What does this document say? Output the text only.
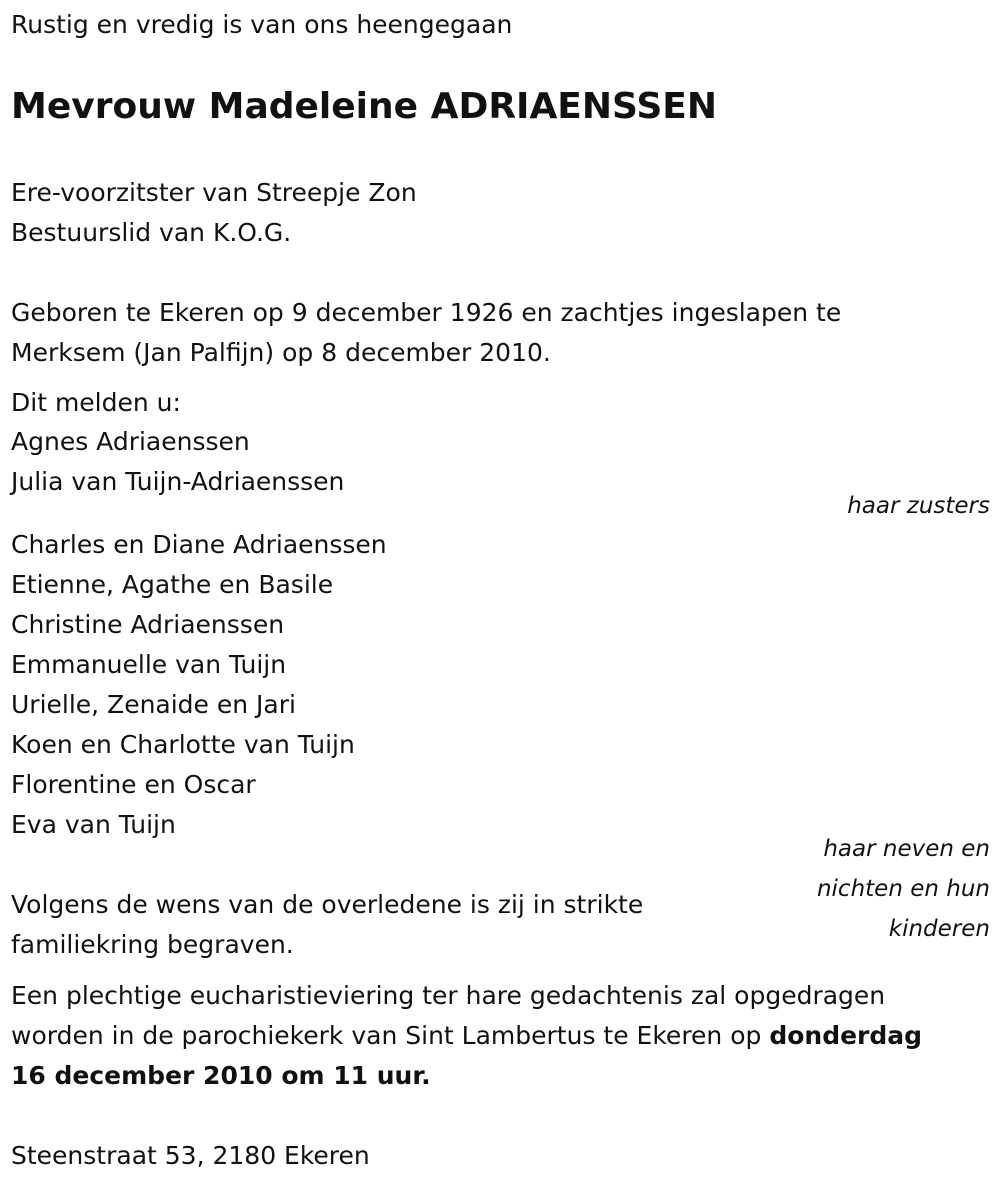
Rustig en vredig is van ons heengegaan
Mevrouw Madeleine ADRIAENSSEN
Ere-voorzitster van Streepje Zon
Bestuurslid van K.O.G.
Geboren te Ekeren op 9 december 1926 en zachtjes ingeslapen te
Merksem (Jan Palfijn) op 8 december 2010.
Dit melden u:
Agnes Adriaenssen
Julia van Tuijn-Adriaenssen
haar zusters
Charles en Diane Adriaenssen
Etienne, Agathe en Basile
Christine Adriaenssen
Emmanuelle van Tuijn
Urielle, Zenaide en Jari
Koen en Charlotte van Tuijn
Florentine en Oscar
Eva van Tuijn
haar neven en
nichten en hun
kinderen
Volgens de wens van de overledene is zij in strikte
familiekring begraven.
Een plechtige eucharistieviering ter hare gedachtenis zal opgedragen
worden in de parochiekerk van Sint Lambertus te Ekeren op donderdag
16 december 2010 om 11 uur.
Steenstraat 53, 2180 Ekeren
